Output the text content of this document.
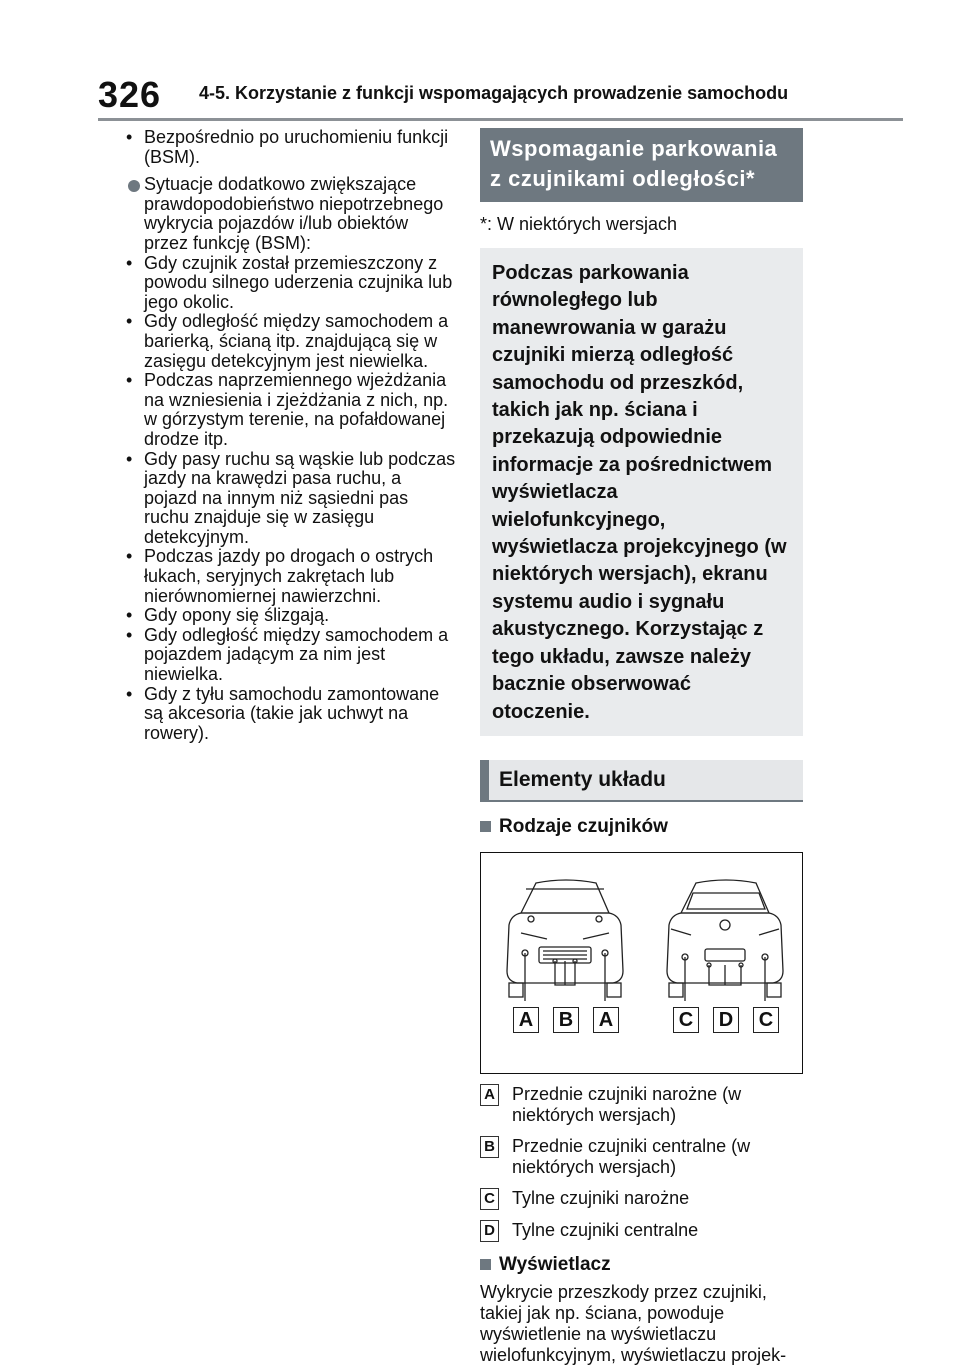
326 4-5. Korzystanie z funkcji wspomagających prowadzenie samochodu
• Bezpośrednio po uruchomieniu funkcji (BSM).
Sytuacje dodatkowo zwiększające prawdopodobieństwo niepotrzebnego wykrycia pojazdów i/lub obiektów przez funkcję (BSM):
• Gdy czujnik został przemieszczony z powodu silnego uderzenia czujnika lub jego okolic.
• Gdy odległość między samochodem a barierką, ścianą itp. znajdującą się w zasięgu detekcyjnym jest niewielka.
• Podczas naprzemiennego wjeżdżania na wzniesienia i zjeżdżania z nich, np. w górzystym terenie, na pofałdowanej drodze itp.
• Gdy pasy ruchu są wąskie lub podczas jazdy na krawędzi pasa ruchu, a pojazd na innym niż sąsiedni pas ruchu znajduje się w zasięgu detekcyjnym.
• Podczas jazdy po drogach o ostrych łukach, seryjnych zakrętach lub nierównomiernej nawierzchni.
• Gdy opony się ślizgają.
• Gdy odległość między samochodem a pojazdem jadącym za nim jest niewielka.
• Gdy z tyłu samochodu zamontowane są akcesoria (takie jak uchwyt na rowery).
Wspomaganie parkowania
z czujnikami odległości*
*: W niektórych wersjach
Podczas parkowania równoległego lub manewrowania w garażu czujniki mierzą odległość samochodu od przeszkód, takich jak np. ściana i przekazują odpowiednie informacje za pośrednictwem wyświetlacza wielofunkcyjnego, wyświetlacza projekcyjnego (w niektórych wersjach), ekranu systemu audio i sygnału akustycznego. Korzystając z tego układu, zawsze należy bacznie obserwować otoczenie.
Elementy układu
Rodzaje czujników
A B A	C D C
A Przednie czujniki narożne (w niektórych wersjach)
B Przednie czujniki centralne (w niektórych wersjach)
C Tylne czujniki narożne
D Tylne czujniki centralne
Wyświetlacz
Wykrycie przeszkody przez czujniki, takiej jak np. ściana, powoduje wyświetlenie na wyświetlaczu wielofunkcyjnym, wyświetlaczu projek-
